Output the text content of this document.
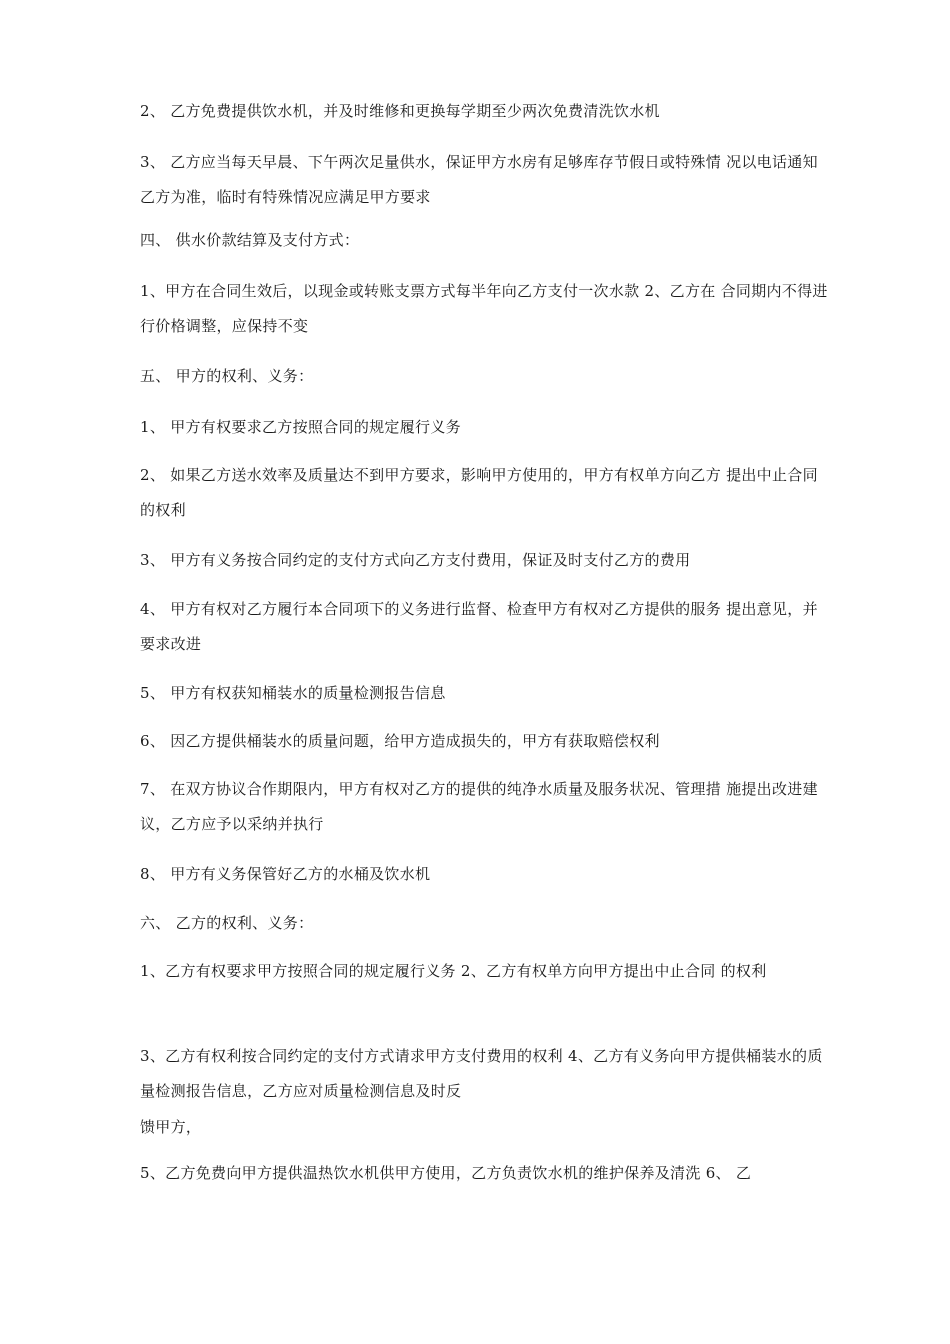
2、 乙方免费提供饮水机，并及时维修和更换每学期至少两次免费清洗饮水机

3、 乙方应当每天早晨、下午两次足量供水，保证甲方水房有足够库存节假日或特殊情 况以电话通知乙方为准，临时有特殊情况应满足甲方要求

四、 供水价款结算及支付方式：

1、甲方在合同生效后，以现金或转账支票方式每半年向乙方支付一次水款 2、乙方在 合同期内不得进行价格调整，应保持不变

五、 甲方的权利、义务：

1、 甲方有权要求乙方按照合同的规定履行义务

2、 如果乙方送水效率及质量达不到甲方要求，影响甲方使用的，甲方有权单方向乙方 提出中止合同的权利

3、 甲方有义务按合同约定的支付方式向乙方支付费用，保证及时支付乙方的费用

4、 甲方有权对乙方履行本合同项下的义务进行监督、检查甲方有权对乙方提供的服务 提出意见，并要求改进

5、 甲方有权获知桶装水的质量检测报告信息

6、 因乙方提供桶装水的质量问题，给甲方造成损失的，甲方有获取赔偿权利

7、 在双方协议合作期限内，甲方有权对乙方的提供的纯净水质量及服务状况、管理措 施提出改进建议，乙方应予以采纳并执行

8、 甲方有义务保管好乙方的水桶及饮水机

六、 乙方的权利、义务：

1、乙方有权要求甲方按照合同的规定履行义务 2、乙方有权单方向甲方提出中止合同 的权利

3、乙方有权利按合同约定的支付方式请求甲方支付费用的权利 4、乙方有义务向甲方提供桶装水的质量检测报告信息，乙方应对质量检测信息及时反

馈甲方，

5、乙方免费向甲方提供温热饮水机供甲方使用，乙方负责饮水机的维护保养及清洗 6、 乙
